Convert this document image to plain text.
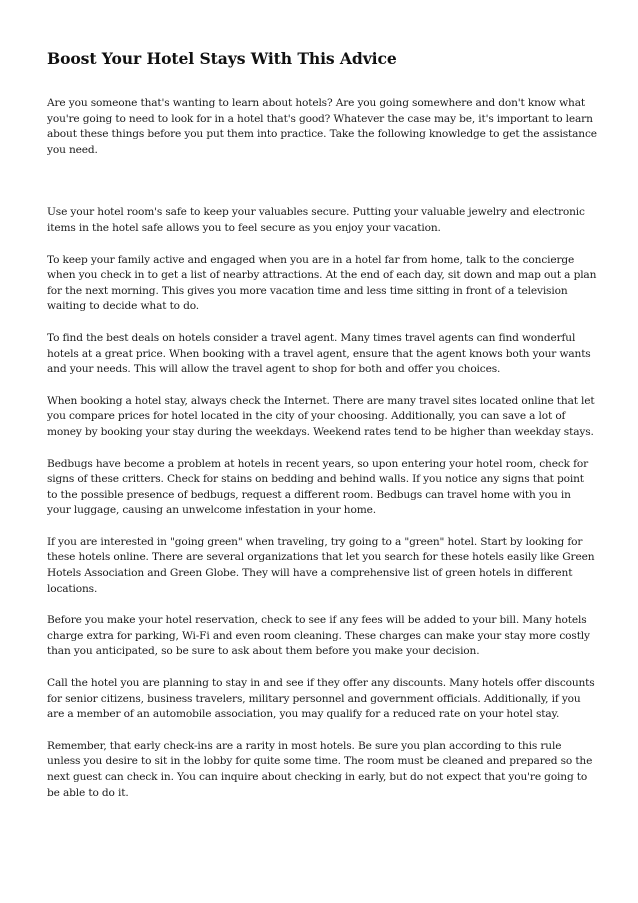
Boost Your Hotel Stays With This Advice

Are you someone that's wanting to learn about hotels? Are you going somewhere and don't know what you're going to need to look for in a hotel that's good? Whatever the case may be, it's important to learn about these things before you put them into practice. Take the following knowledge to get the assistance you need.

Use your hotel room's safe to keep your valuables secure. Putting your valuable jewelry and electronic items in the hotel safe allows you to feel secure as you enjoy your vacation.

To keep your family active and engaged when you are in a hotel far from home, talk to the concierge when you check in to get a list of nearby attractions. At the end of each day, sit down and map out a plan for the next morning. This gives you more vacation time and less time sitting in front of a television waiting to decide what to do.

To find the best deals on hotels consider a travel agent. Many times travel agents can find wonderful hotels at a great price. When booking with a travel agent, ensure that the agent knows both your wants and your needs. This will allow the travel agent to shop for both and offer you choices.

When booking a hotel stay, always check the Internet. There are many travel sites located online that let you compare prices for hotel located in the city of your choosing. Additionally, you can save a lot of money by booking your stay during the weekdays. Weekend rates tend to be higher than weekday stays.

Bedbugs have become a problem at hotels in recent years, so upon entering your hotel room, check for signs of these critters. Check for stains on bedding and behind walls. If you notice any signs that point to the possible presence of bedbugs, request a different room. Bedbugs can travel home with you in your luggage, causing an unwelcome infestation in your home.

If you are interested in "going green" when traveling, try going to a "green" hotel. Start by looking for these hotels online. There are several organizations that let you search for these hotels easily like Green Hotels Association and Green Globe. They will have a comprehensive list of green hotels in different locations.

Before you make your hotel reservation, check to see if any fees will be added to your bill. Many hotels charge extra for parking, Wi-Fi and even room cleaning. These charges can make your stay more costly than you anticipated, so be sure to ask about them before you make your decision.

Call the hotel you are planning to stay in and see if they offer any discounts. Many hotels offer discounts for senior citizens, business travelers, military personnel and government officials. Additionally, if you are a member of an automobile association, you may qualify for a reduced rate on your hotel stay.

Remember, that early check-ins are a rarity in most hotels. Be sure you plan according to this rule unless you desire to sit in the lobby for quite some time. The room must be cleaned and prepared so the next guest can check in. You can inquire about checking in early, but do not expect that you're going to be able to do it.
